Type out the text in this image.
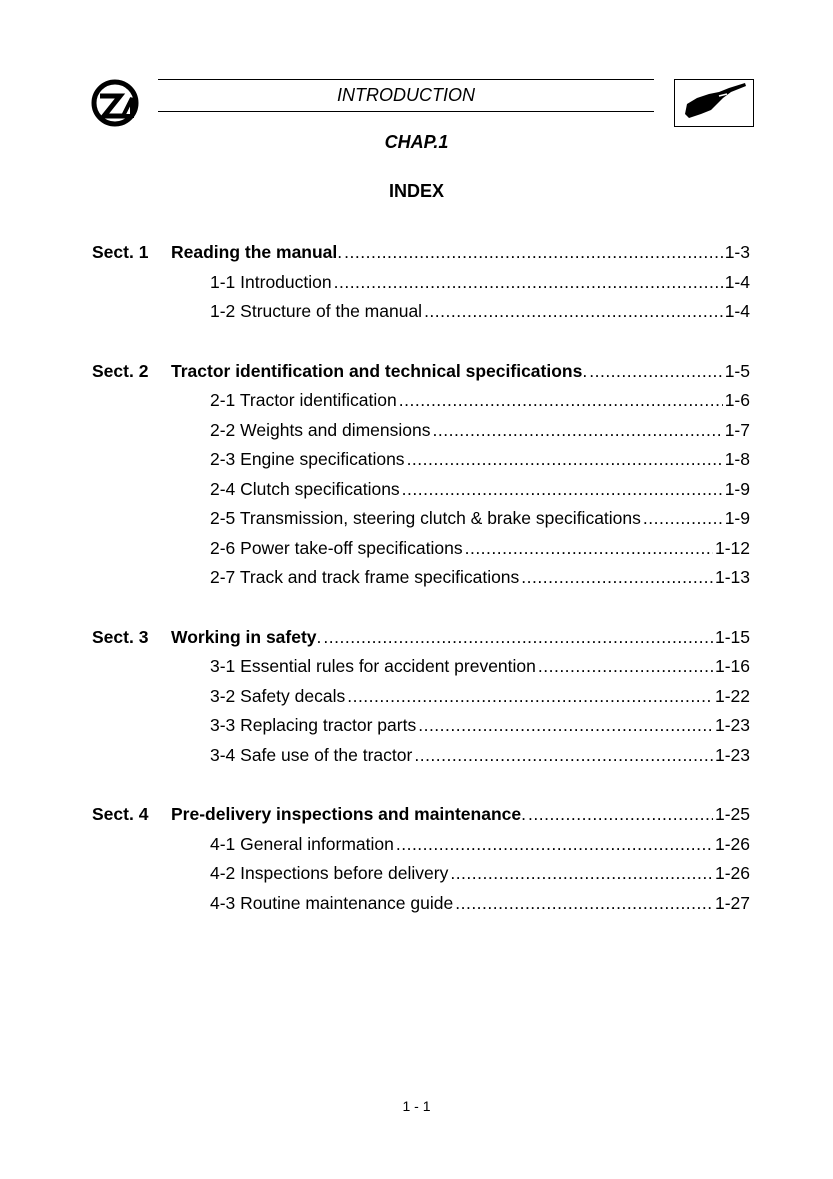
INTRODUCTION
CHAP.1
INDEX
Sect. 1	Reading the manual . .....	1-3
1-1 Introduction .....	1-4
1-2 Structure of the manual .....	1-4
Sect. 2	Tractor identification and technical specifications . .....	1-5
2-1 Tractor identification .....	1-6
2-2 Weights and dimensions .....	1-7
2-3 Engine specifications .....	1-8
2-4 Clutch specifications .....	1-9
2-5 Transmission, steering clutch & brake specifications .....	1-9
2-6 Power take-off specifications .....	1-12
2-7 Track and track frame specifications .....	1-13
Sect. 3	Working in safety . .....	1-15
3-1 Essential rules for accident prevention .....	1-16
3-2 Safety decals .....	1-22
3-3 Replacing tractor parts .....	1-23
3-4 Safe use of the tractor .....	1-23
Sect. 4	Pre-delivery inspections and maintenance . .....	1-25
4-1 General information .....	1-26
4-2 Inspections before delivery .....	1-26
4-3 Routine maintenance guide .....	1-27
1 - 1
